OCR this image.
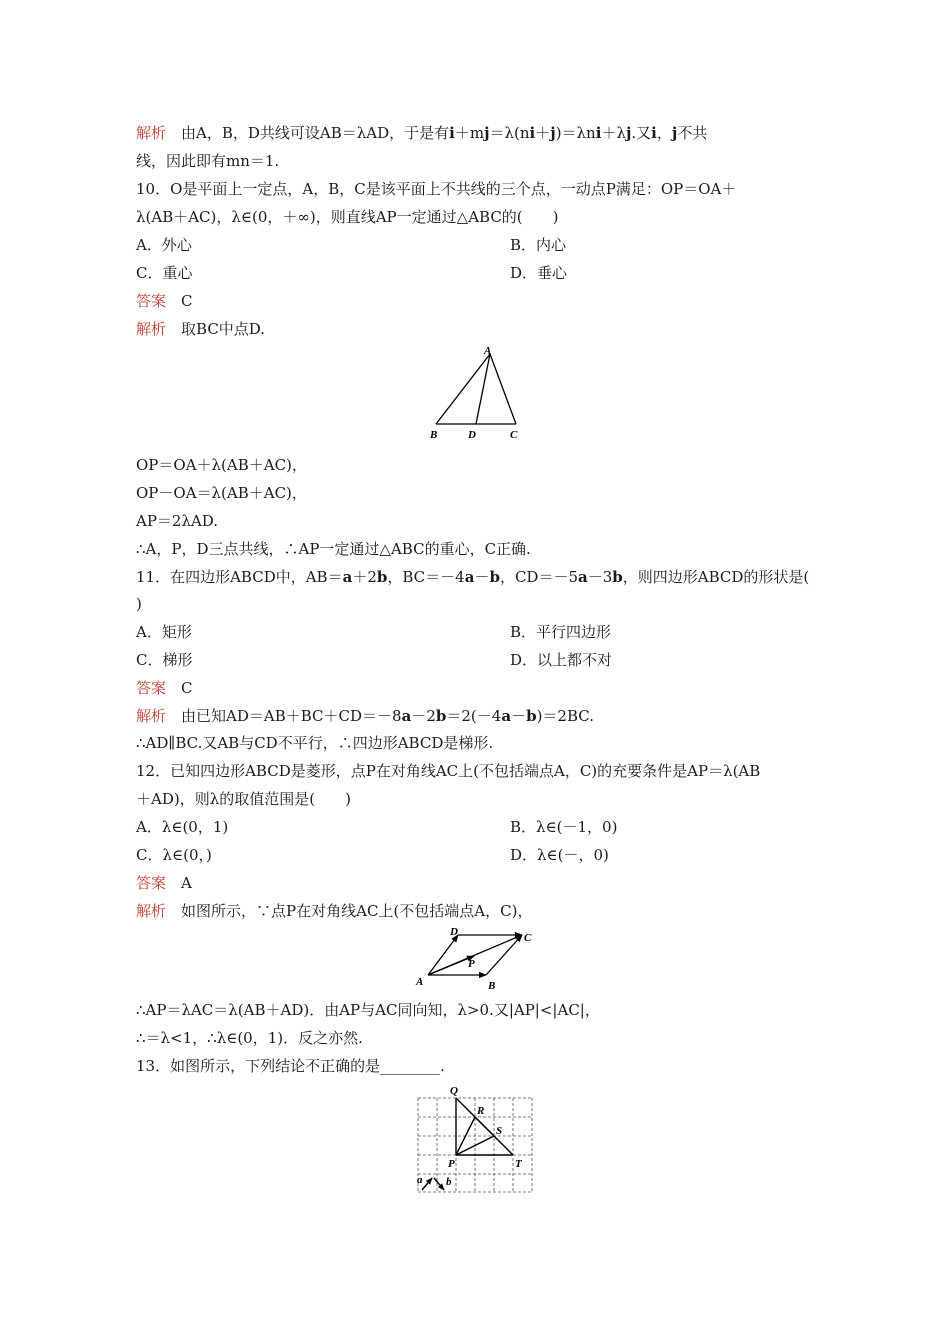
解析　 由A，B，D共线可设AB＝λAD，于是有i＋mj＝λ(ni＋j)＝λni＋λj.又i，j不共
线，因此即有mn＝1.
10．O是平面上一定点，A，B，C是该平面上不共线的三个点，一动点P满足：OP＝OA＋
λ(AB＋AC)，λ∈(0，＋∞)，则直线AP一定通过△ABC的(　　)
A．外心	B．内心
C．重心	D．垂心
答案　 C
解析　 取BC中点D.
A
B	D	C
OP＝OA＋λ(AB＋AC)，
OP－OA＝λ(AB＋AC)，
AP＝2λAD.
∴A，P，D三点共线，∴AP一定通过△ABC的重心，C正确.
11．在四边形ABCD中，AB＝a＋2b，BC＝－4a－b，CD＝－5a－3b，则四边形ABCD的形状是(
)
A．矩形	B．平行四边形
C．梯形	D．以上都不对
答案　 C
解析　 由已知AD＝AB＋BC＋CD＝－8a－2b＝2(－4a－b)＝2BC.
∴AD∥BC.又AB与CD不平行，∴四边形ABCD是梯形.
12．已知四边形ABCD是菱形，点P在对角线AC上(不包括端点A，C)的充要条件是AP＝λ(AB
＋AD)，则λ的取值范围是(　　)
A．λ∈(0，1)	B．λ∈(－1，0)
C．λ∈(0，)	D．λ∈(－，0)
答案　 A
解析　 如图所示，∵点P在对角线AC上(不包括端点A，C)，
A	B
C
D
P
∴AP＝λAC＝λ(AB＋AD)．由AP与AC同向知，λ>0.又|AP|<|AC|，
∴＝λ<1，∴λ∈(0，1)．反之亦然.
13．如图所示，下列结论不正确的是________.
Q
R
S
P	T
a b
